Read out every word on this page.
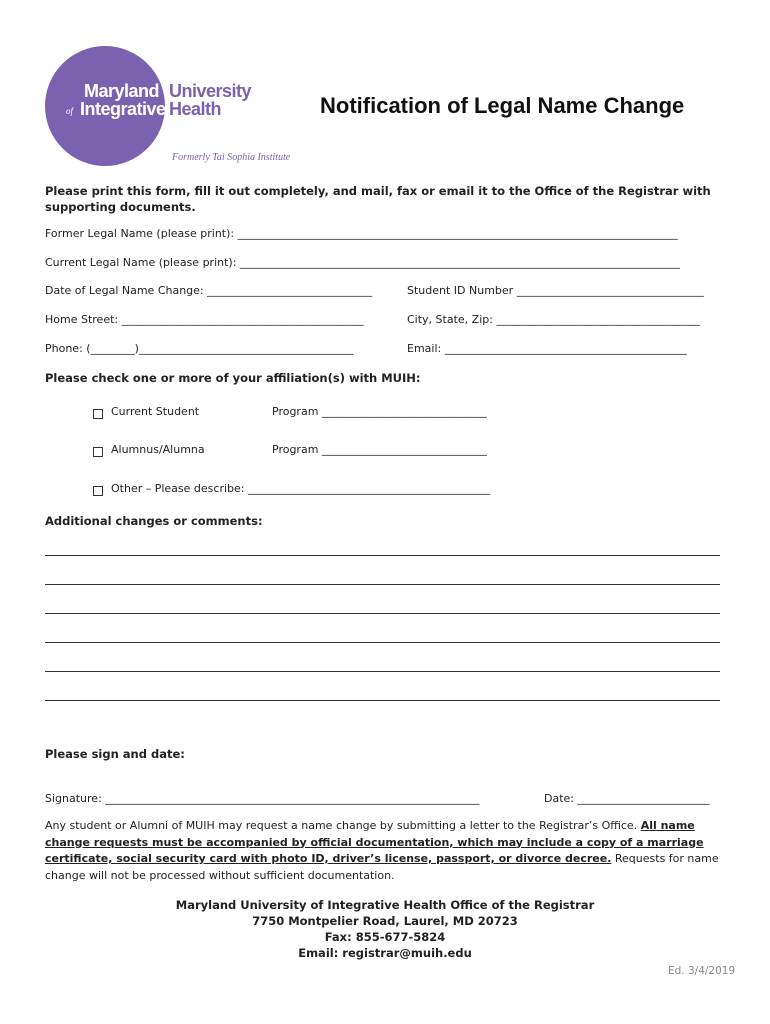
Maryland
of Integrative
University
Health
Formerly Tai Sophia Institute
Notification of Legal Name Change
Please print this form, fill it out completely, and mail, fax or email it to the Office of the Registrar with supporting documents.
Former Legal Name (please print): ________________________________________________________________________________
Current Legal Name (please print): ________________________________________________________________________________
Date of Legal Name Change: ______________________________	Student ID Number __________________________________
Home Street: ____________________________________________	City, State, Zip: _____________________________________
Phone: (________)_______________________________________	Email: ____________________________________________
Please check one or more of your affiliation(s) with MUIH:
Current Student	Program ______________________________
Alumnus/Alumna	Program ______________________________
Other – Please describe: ____________________________________________
Additional changes or comments:
Please sign and date:
Signature: ____________________________________________________________________	Date: ________________________
Any student or Alumni of MUIH may request a name change by submitting a letter to the Registrar’s Office. All name change requests must be accompanied by official documentation, which may include a copy of a marriage certificate, social security card with photo ID, driver’s license, passport, or divorce decree. Requests for name change will not be processed without sufficient documentation.
Maryland University of Integrative Health Office of the Registrar
7750 Montpelier Road, Laurel, MD 20723
Fax: 855-677-5824
Email: registrar@muih.edu
Ed. 3/4/2019
